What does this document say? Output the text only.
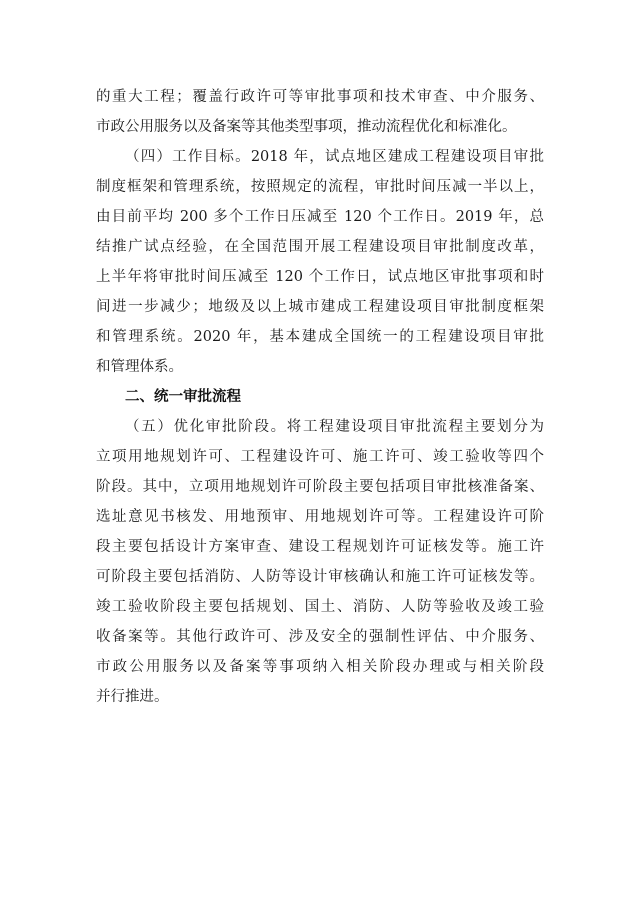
的重大工程；覆盖行政许可等审批事项和技术审查、中介服务、
市政公用服务以及备案等其他类型事项，推动流程优化和标准化。
（四）工作目标。2018 年，试点地区建成工程建设项目审批
制度框架和管理系统，按照规定的流程，审批时间压减一半以上，
由目前平均 200 多个工作日压减至 120 个工作日。2019 年，总
结推广试点经验，在全国范围开展工程建设项目审批制度改革，
上半年将审批时间压减至 120 个工作日，试点地区审批事项和时
间进一步减少；地级及以上城市建成工程建设项目审批制度框架
和管理系统。2020 年，基本建成全国统一的工程建设项目审批
和管理体系。
二、统一审批流程
（五）优化审批阶段。将工程建设项目审批流程主要划分为
立项用地规划许可、工程建设许可、施工许可、竣工验收等四个
阶段。其中，立项用地规划许可阶段主要包括项目审批核准备案、
选址意见书核发、用地预审、用地规划许可等。工程建设许可阶
段主要包括设计方案审查、建设工程规划许可证核发等。施工许
可阶段主要包括消防、人防等设计审核确认和施工许可证核发等。
竣工验收阶段主要包括规划、国土、消防、人防等验收及竣工验
收备案等。其他行政许可、涉及安全的强制性评估、中介服务、
市政公用服务以及备案等事项纳入相关阶段办理或与相关阶段
并行推进。
